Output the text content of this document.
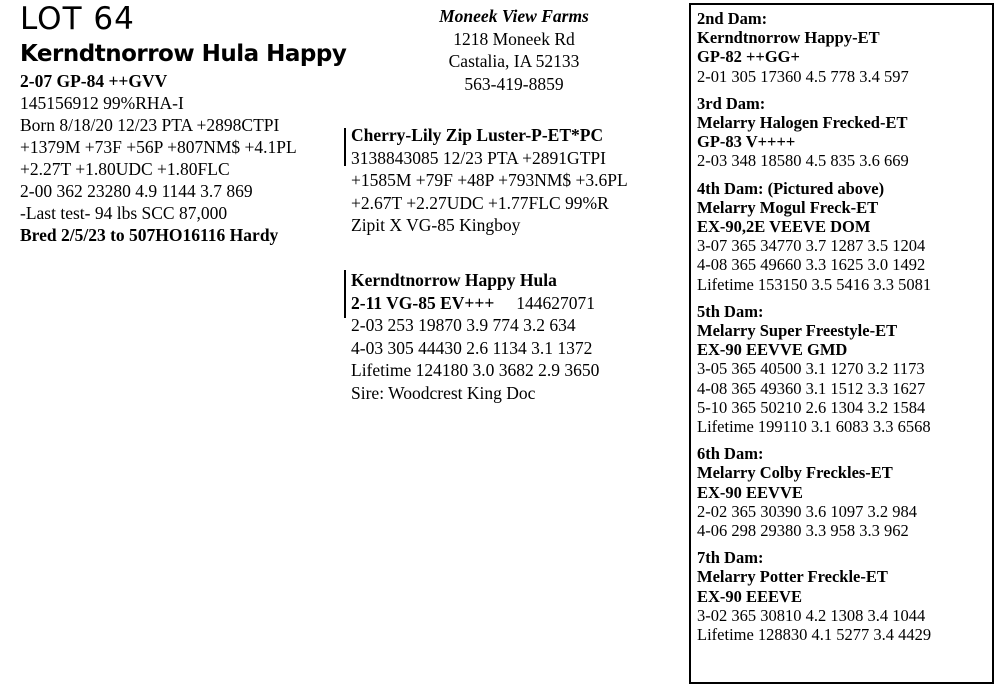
LOT 64
Kerndtnorrow Hula Happy
2-07 GP-84 ++GVV
145156912 99%RHA-I
Born 8/18/20 12/23 PTA +2898CTPI
+1379M +73F +56P +807NM$ +4.1PL
+2.27T +1.80UDC +1.80FLC
2-00 362 23280 4.9 1144 3.7 869
-Last test- 94 lbs SCC 87,000
Bred 2/5/23 to 507HO16116 Hardy
Moneek View Farms
1218 Moneek Rd
Castalia, IA 52133
563-419-8859
Cherry-Lily Zip Luster-P-ET*PC
3138843085 12/23 PTA +2891GTPI
+1585M +79F +48P +793NM$ +3.6PL
+2.67T +2.27UDC +1.77FLC 99%R
Zipit X VG-85 Kingboy
Kerndtnorrow Happy Hula
2-11 VG-85 EV+++ 144627071
2-03 253 19870 3.9 774 3.2 634
4-03 305 44430 2.6 1134 3.1 1372
Lifetime 124180 3.0 3682 2.9 3650
Sire: Woodcrest King Doc
2nd Dam:
Kerndtnorrow Happy-ET
GP-82 ++GG+
2-01 305 17360 4.5 778 3.4 597
3rd Dam:
Melarry Halogen Frecked-ET
GP-83 V++++
2-03 348 18580 4.5 835 3.6 669
4th Dam: (Pictured above)
Melarry Mogul Freck-ET
EX-90,2E VEEVE DOM
3-07 365 34770 3.7 1287 3.5 1204
4-08 365 49660 3.3 1625 3.0 1492
Lifetime 153150 3.5 5416 3.3 5081
5th Dam:
Melarry Super Freestyle-ET
EX-90 EEVVE GMD
3-05 365 40500 3.1 1270 3.2 1173
4-08 365 49360 3.1 1512 3.3 1627
5-10 365 50210 2.6 1304 3.2 1584
Lifetime 199110 3.1 6083 3.3 6568
6th Dam:
Melarry Colby Freckles-ET
EX-90 EEVVE
2-02 365 30390 3.6 1097 3.2 984
4-06 298 29380 3.3 958 3.3 962
7th Dam:
Melarry Potter Freckle-ET
EX-90 EEEVE
3-02 365 30810 4.2 1308 3.4 1044
Lifetime 128830 4.1 5277 3.4 4429
